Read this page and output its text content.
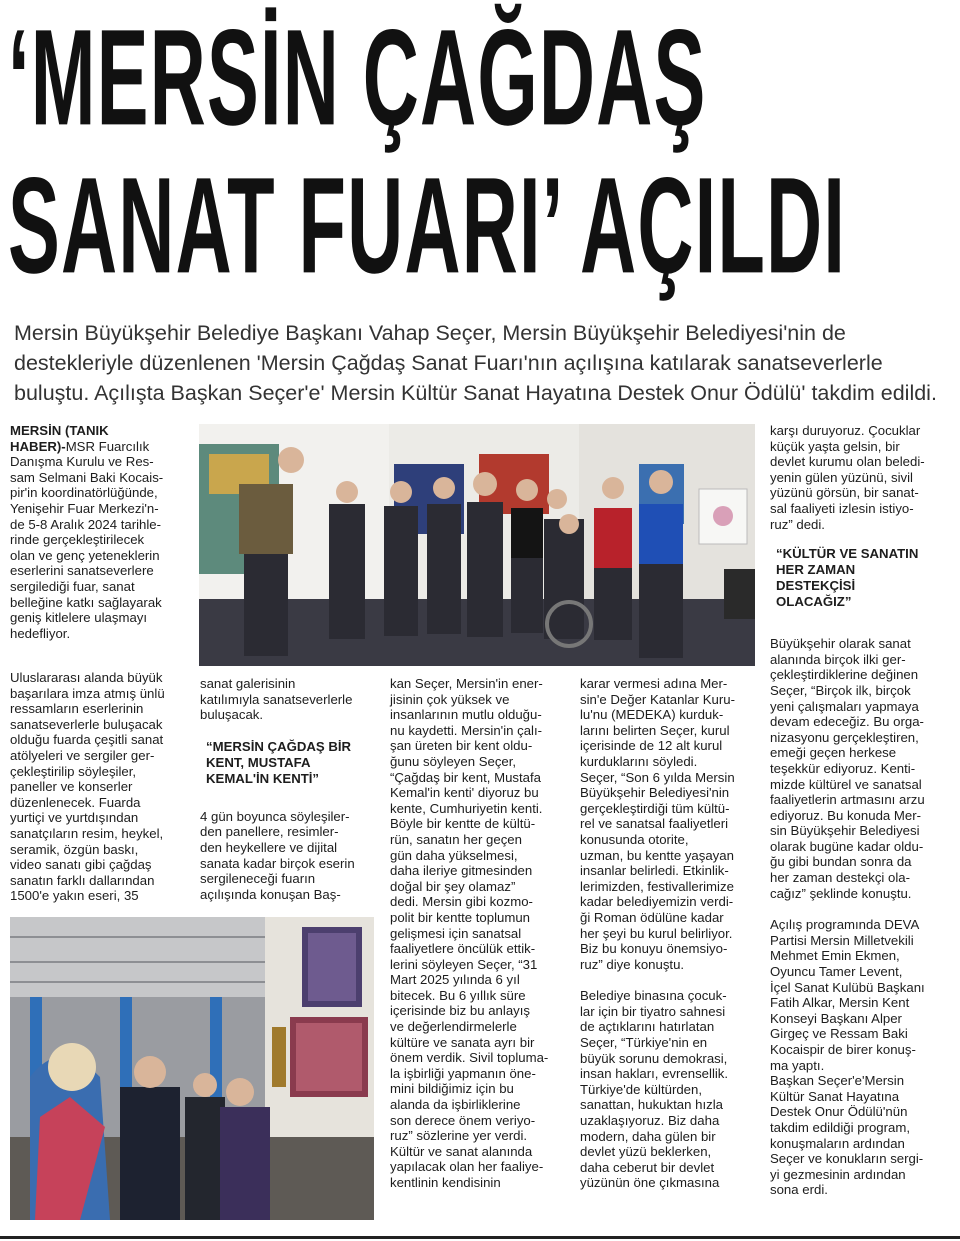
‘MERSİN ÇAĞDAŞ
SANAT FUARI’ AÇILDI

Mersin Büyükşehir Belediye Başkanı Vahap Seçer, Mersin Büyükşehir Belediyesi'nin de

destekleriyle düzenlenen 'Mersin Çağdaş Sanat Fuarı'nın açılışına katılarak sanatseverlerle

buluştu. Açılışta Başkan Seçer'e' Mersin Kültür Sanat Hayatına Destek Onur Ödülü' takdim edildi.

MERSİN (TANIK

HABER)-MSR Fuarcılık

Danışma Kurulu ve Res-

sam Selmani Baki Kocais-

pir'in koordinatörlüğünde,

Yenişehir Fuar Merkezi'n-

de 5-8 Aralık 2024 tarihle-

rinde gerçekleştirilecek

olan ve genç yeteneklerin

eserlerini sanatseverlere

sergilediği fuar, sanat

belleğine katkı sağlayarak

geniş kitlelere ulaşmayı

hedefliyor.

Uluslararası alanda büyük

başarılara imza atmış ünlü

ressamların eserlerinin

sanatseverlerle buluşacak

olduğu fuarda çeşitli sanat

atölyeleri ve sergiler ger-

çekleştirilip söyleşiler,

paneller ve konserler

düzenlenecek. Fuarda

yurtiçi ve yurtdışından

sanatçıların resim, heykel,

seramik, özgün baskı,

video sanatı gibi çağdaş

sanatın farklı dallarından

1500'e yakın eseri, 35

sanat galerisinin

katılımıyla sanatseverlerle

buluşacak.

“MERSİN ÇAĞDAŞ BİR

KENT, MUSTAFA

KEMAL'İN KENTİ”

4 gün boyunca söyleşiler-

den panellere, resimler-

den heykellere ve dijital

sanata kadar birçok eserin

sergileneceği fuarın

açılışında konuşan Baş-

kan Seçer, Mersin'in ener-

jisinin çok yüksek ve

insanlarının mutlu olduğu-

nu kaydetti. Mersin'in çalı-

şan üreten bir kent oldu-

ğunu söyleyen Seçer,

“Çağdaş bir kent, Mustafa

Kemal'in kenti' diyoruz bu

kente, Cumhuriyetin kenti.

Böyle bir kentte de kültü-

rün, sanatın her geçen

gün daha yükselmesi,

daha ileriye gitmesinden

doğal bir şey olamaz”

dedi. Mersin gibi kozmo-

polit bir kentte toplumun

gelişmesi için sanatsal

faaliyetlere öncülük ettik-

lerini söyleyen Seçer, “31

Mart 2025 yılında 6 yıl

bitecek. Bu 6 yıllık süre

içerisinde biz bu anlayış

ve değerlendirmelerle

kültüre ve sanata ayrı bir

önem verdik. Sivil topluma-

la işbirliği yapmanın öne-

mini bildiğimiz için bu

alanda da işbirliklerine

son derece önem veriyo-

ruz” sözlerine yer verdi.

Kültür ve sanat alanında

yapılacak olan her faaliye-

kentlinin kendisinin

karar vermesi adına Mer-

sin'e Değer Katanlar Kuru-

lu'nu (MEDEKA) kurduk-

larını belirten Seçer, kurul

içerisinde de 12 alt kurul

kurduklarını söyledi.

Seçer, “Son 6 yılda Mersin

Büyükşehir Belediyesi'nin

gerçekleştirdiği tüm kültü-

rel ve sanatsal faaliyetleri

konusunda otorite,

uzman, bu kentte yaşayan

insanlar belirledi. Etkinlik-

lerimizden, festivallerimize

kadar belediyemizin verdi-

ği Roman ödülüne kadar

her şeyi bu kurul belirliyor.

Biz bu konuyu önemsiyo-

ruz” diye konuştu.

Belediye binasına çocuk-

lar için bir tiyatro sahnesi

de açtıklarını hatırlatan

Seçer, “Türkiye'nin en

büyük sorunu demokrasi,

insan hakları, evrensellik.

Türkiye'de kültürden,

sanattan, hukuktan hızla

uzaklaşıyoruz. Biz daha

modern, daha gülen bir

devlet yüzü beklerken,

daha ceberut bir devlet

yüzünün öne çıkmasına

karşı duruyoruz. Çocuklar

küçük yaşta gelsin, bir

devlet kurumu olan beledi-

yenin gülen yüzünü, sivil

yüzünü görsün, bir sanat-

sal faaliyeti izlesin istiyo-

ruz” dedi.

“KÜLTÜR VE SANATIN

HER ZAMAN

DESTEKÇİSİ

OLACAĞIZ”

Büyükşehir olarak sanat

alanında birçok ilki ger-

çekleştirdiklerine değinen

Seçer, “Birçok ilk, birçok

yeni çalışmaları yapmaya

devam edeceğiz. Bu orga-

nizasyonu gerçekleştiren,

emeği geçen herkese

teşekkür ediyoruz. Kenti-

mizde kültürel ve sanatsal

faaliyetlerin artmasını arzu

ediyoruz. Bu konuda Mer-

sin Büyükşehir Belediyesi

olarak bugüne kadar oldu-

ğu gibi bundan sonra da

her zaman destekçi ola-

cağız” şeklinde konuştu.

Açılış programında DEVA

Partisi Mersin Milletvekili

Mehmet Emin Ekmen,

Oyuncu Tamer Levent,

İçel Sanat Kulübü Başkanı

Fatih Alkar, Mersin Kent

Konseyi Başkanı Alper

Girgeç ve Ressam Baki

Kocaispir de birer konuş-

ma yaptı.

Başkan Seçer'e'Mersin

Kültür Sanat Hayatına

Destek Onur Ödülü'nün

takdim edildiği program,

konuşmaların ardından

Seçer ve konukların sergi-

yi gezmesinin ardından

sona erdi.
